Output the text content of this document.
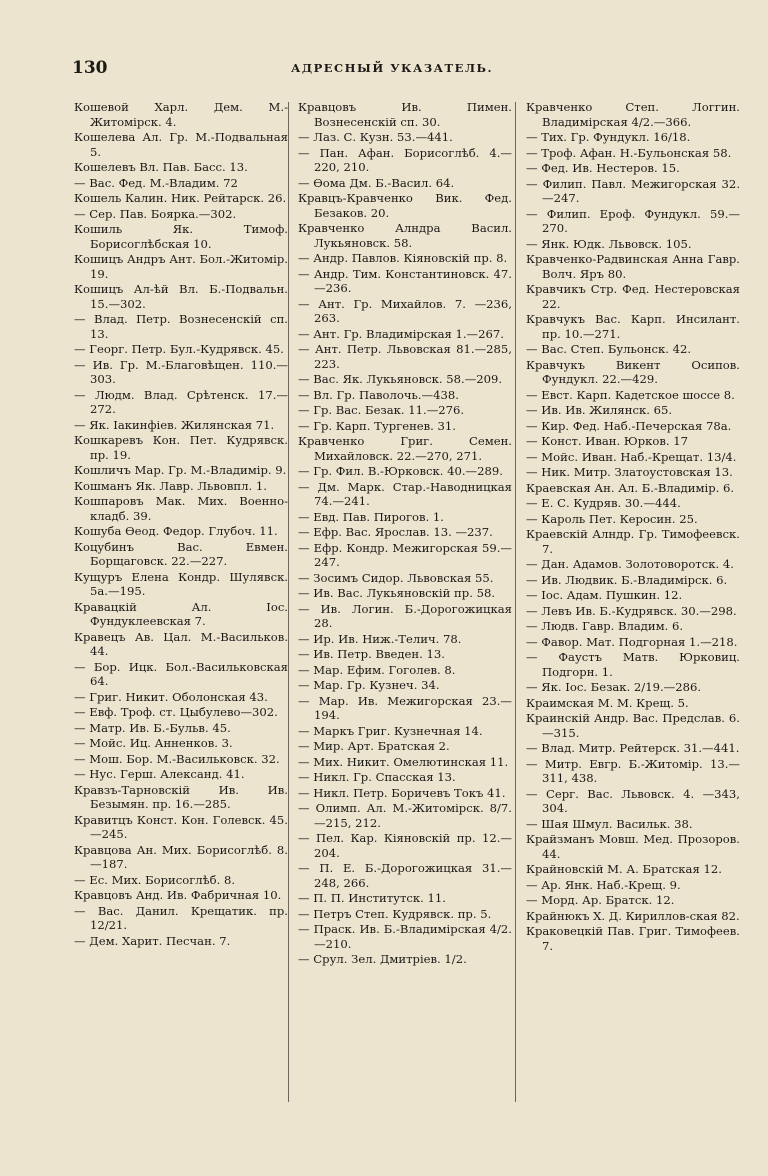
130	АДРЕСНЫЙ УКАЗАТЕЛЬ.
Кошевой Харл. Дем. М.-Житомірск. 4.
Кошелева Ал. Гр. М.-Подвальная 5.
Кошелевъ Вл. Пав. Басс. 13.
— Вас. Фед. М.-Владим. 72
Кошель Калин. Ник. Рейтарск. 26.
— Сер. Пав. Боярка.—302.
Кошиль Як. Тимоф. Борисоглѣбская 10.
Кошицъ Андръ Ант. Бол.-Житомір. 19.
Кошицъ Ал-ѣй Вл. Б.-Подвальн. 15.—302.
— Влад. Петр. Вознесенскій сп. 13.
— Георг. Петр. Бул.-Кудрявск. 45.
— Ив. Гр. М.-Благовѣщен. 110.—303.
— Людм. Влад. Срѣтенск. 17.—272.
— Як. Iакинфіев. Жилянская 71.
Кошкаревъ Кон. Пет. Кудрявск. пр. 19.
Кошличъ Мар. Гр. М.-Владимір. 9.
Кошманъ Як. Лавр. Львовпл. 1.
Кошпаровъ Мак. Мих. Военно-кладб. 39.
Кошуба Ѳеод. Федор. Глубоч. 11.
Коцубинъ Вас. Евмен. Борщаговск. 22.—227.
Кущуръ Елена Кондр. Шулявск. 5а.—195.
Кравацкій Ал. Iос. Фундуклеевская 7.
Кравецъ Ав. Цал. М.-Васильков. 44.
— Бор. Ицк. Бол.-Васильковская 64.
— Григ. Никит. Оболонская 43.
— Евф. Троф. ст. Цыбулево—302.
— Матр. Ив. Б.-Бульв. 45.
— Мойс. Иц. Анненков. 3.
— Мош. Бор. М.-Васильковск. 32.
— Нус. Герш. Александ. 41.
Кравзъ-Тарновскій Ив. Ив. Безымян. пр. 16.—285.
Кравитцъ Конст. Кон. Голевск. 45.—245.
Кравцова Ан. Мих. Борисоглѣб. 8.—187.
— Ес. Мих. Борисоглѣб. 8.
Кравцовъ Анд. Ив. Фабричная 10.
— Вас. Данил. Крещатик. пр. 12/21.
— Дем. Харит. Песчан. 7.
Кравцовъ Ив. Пимен. Вознесенскій сп. 30.
— Лаз. С. Кузн. 53.—441.
— Пан. Афан. Борисоглѣб. 4.—220, 210.
— Ѳома Дм. Б.-Васил. 64.
Кравцъ-Кравченко Вик. Фед. Безаков. 20.
Кравченко Алндра Васил. Лукьяновск. 58.
— Андр. Павлов. Кіяновскій пр. 8.
— Андр. Тим. Константиновск. 47.—236.
— Ант. Гр. Михайлов. 7. —236, 263.
— Ант. Гр. Владимірская 1.—267.
— Ант. Петр. Львовская 81.—285, 223.
— Вас. Як. Лукьяновск. 58.—209.
— Вл. Гр. Паволочь.—438.
— Гр. Вас. Безак. 11.—276.
— Гр. Карп. Тургенев. 31.
Кравченко Григ. Семен. Михайловск. 22.—270, 271.
— Гр. Фил. В.-Юрковск. 40.—289.
— Дм. Марк. Стар.-Наводницкая 74.—241.
— Евд. Пав. Пирогов. 1.
— Ефр. Вас. Ярослав. 13. —237.
— Ефр. Кондр. Межигорская 59.—247.
— Зосимъ Сидор. Львовская 55.
— Ив. Вас. Лукьяновскій пр. 58.
— Ив. Логин. Б.-Дорогожицкая 28.
— Ир. Ив. Ниж.-Телич. 78.
— Ив. Петр. Введен. 13.
— Мар. Ефим. Гоголев. 8.
— Мар. Гр. Кузнеч. 34.
— Мар. Ив. Межигорская 23.—194.
— Маркъ Григ. Кузнечная 14.
— Мир. Арт. Братская 2.
— Мих. Никит. Омелютинская 11.
— Никл. Гр. Спасская 13.
— Никл. Петр. Боричевъ Токъ 41.
— Олимп. Ал. М.-Житомірск. 8/7.—215, 212.
— Пел. Кар. Кіяновскій пр. 12.—204.
— П. Е. Б.-Дорогожицкая 31.—248, 266.
— П. П. Институтск. 11.
— Петръ Степ. Кудрявск. пр. 5.
— Праск. Ив. Б.-Владимірская 4/2.—210.
— Срул. Зел. Дмитріев. 1/2.
Кравченко Степ. Логгин. Владимірская 4/2.—366.
— Тих. Гр. Фундукл. 16/18.
— Троф. Афан. Н.-Бульонская 58.
— Фед. Ив. Нестеров. 15.
— Филип. Павл. Межигорская 32.—247.
— Филип. Ероф. Фундукл. 59.—270.
— Янк. Юдк. Львовск. 105.
Кравченко-Радвинская Анна Гавр. Волч. Яръ 80.
Кравчикъ Стр. Фед. Нестеровская 22.
Кравчукъ Вас. Карп. Инсилант. пр. 10.—271.
— Вас. Степ. Бульонск. 42.
Кравчукъ Викент Осипов. Фундукл. 22.—429.
— Евст. Карп. Кадетское шоссе 8.
— Ив. Ив. Жилянск. 65.
— Кир. Фед. Наб.-Печерская 78а.
— Конст. Иван. Юрков. 17
— Мойс. Иван. Наб.-Крещат. 13/4.
— Ник. Митр. Златоустовская 13.
Краевская Ан. Ал. Б.-Владимір. 6.
— Е. С. Кудряв. 30.—444.
— Кароль Пет. Керосин. 25.
Краевскій Алндр. Гр. Тимофеевск. 7.
— Дан. Адамов. Золотоворотск. 4.
— Ив. Людвик. Б.-Владимірск. 6.
— Iос. Адам. Пушкин. 12.
— Левъ Ив. Б.-Кудрявск. 30.—298.
— Людв. Гавр. Владим. 6.
— Фавор. Мат. Подгорная 1.—218.
— Фаустъ Матв. Юрковиц. Подгорн. 1.
— Як. Iос. Безак. 2/19.—286.
Краимская М. М. Крещ. 5.
Краинскій Андр. Вас. Предслав. 6.—315.
— Влад. Митр. Рейтерск. 31.—441.
— Митр. Евгр. Б.-Житомір. 13.—311, 438.
— Серг. Вас. Львовск. 4. —343, 304.
— Шая Шмул. Васильк. 38.
Крайзманъ Мовш. Мед. Прозоров. 44.
Крайновскій М. А. Братская 12.
— Ар. Янк. Наб.-Крещ. 9.
— Морд. Ар. Братск. 12.
Крайнюкъ Х. Д. Кириллов-ская 82.
Краковецкій Пав. Григ. Тимофеев. 7.
